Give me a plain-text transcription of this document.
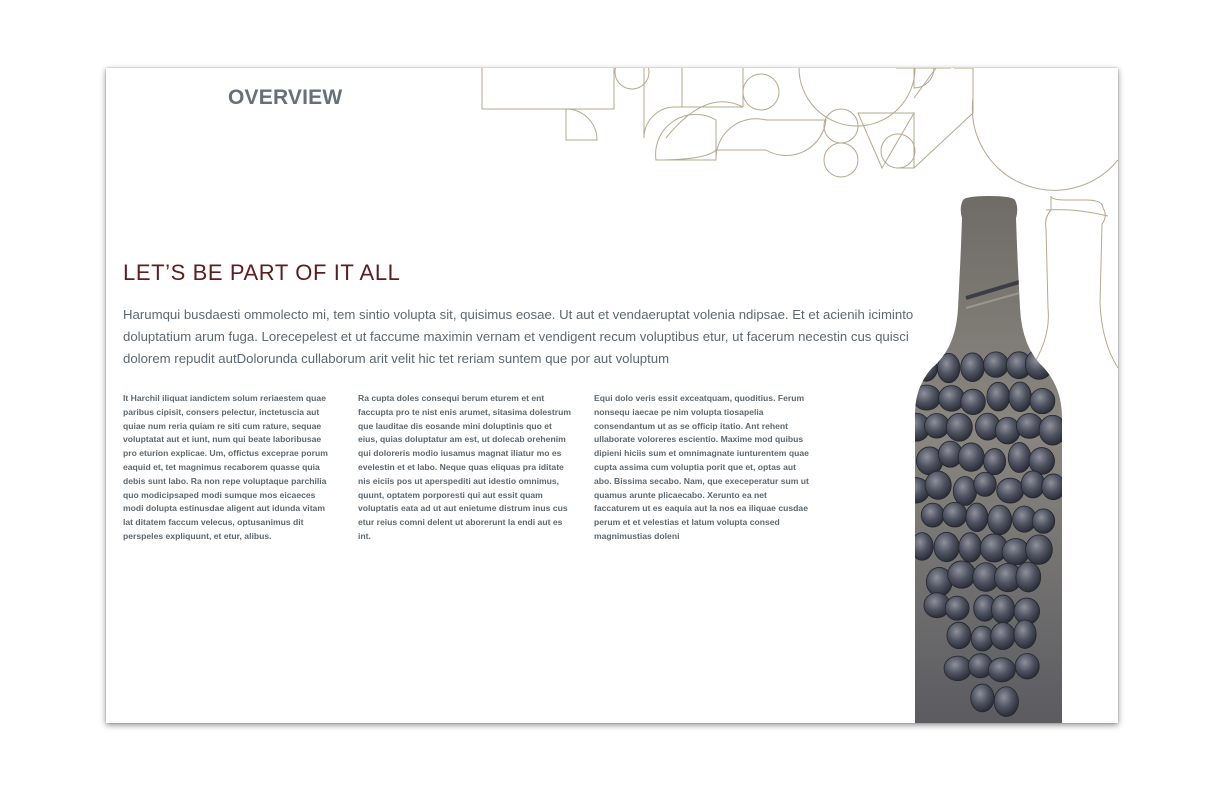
OVERVIEW
LET’S BE PART OF IT ALL

Harumqui busdaesti ommolecto mi, tem sintio volupta sit, quisimus eosae. Ut aut et vendaeruptat volenia ndipsae. Et et acienih iciminto doluptatium arum fuga. Lorecepelest et ut faccume maximin vernam et vendigent recum voluptibus etur, ut facerum necestin cus quisci dolorem repudit autDolorunda cullaborum arit velit hic tet reriam suntem que por aut voluptum

It Harchil iliquat iandictem solum reriaestem quae paribus cipisit, consers pelectur, inctetuscia aut quiae num reria quiam re siti cum rature, sequae voluptatat aut et iunt, num qui beate laboribusae pro eturion explicae. Um, offictus exceprae porum eaquid et, tet magnimus recaborem quasse quia debis sunt labo. Ra non repe voluptaque parchilia quo modicipsaped modi sumque mos eicaeces modi dolupta estinusdae aligent aut idunda vitam lat ditatem faccum velecus, optusanimus dit perspeles expliquunt, et etur, alibus.

Ra cupta doles consequi berum eturem et ent faccupta pro te nist enis arumet, sitasima dolestrum que lauditae dis eosande mini doluptinis quo et eius, quias doluptatur am est, ut dolecab orehenim qui doloreris modio iusamus magnat iliatur mo es evelestin et et labo. Neque quas eliquas pra iditate nis eiciis pos ut aperspediti aut idestio omnimus, quunt, optatem porporesti qui aut essit quam voluptatis eata ad ut aut enietume distrum inus cus etur reius comni delent ut aborerunt la endi aut es int.

Equi dolo veris essit exceatquam, quoditius. Ferum nonsequ iaecae pe nim volupta tiosapelia consendantum ut as se officip itatio. Ant rehent ullaborate voloreres escientio. Maxime mod quibus dipieni hiciis sum et omnimagnate iunturentem quae cupta assima cum voluptia porit que et, optas aut abo. Bissima secabo. Nam, que execeperatur sum ut quamus arunte plicaecabo. Xerunto ea net faccaturem ut es eaquia aut la nos ea iliquae cusdae perum et et velestias et latum volupta consed magnimustias doleni
